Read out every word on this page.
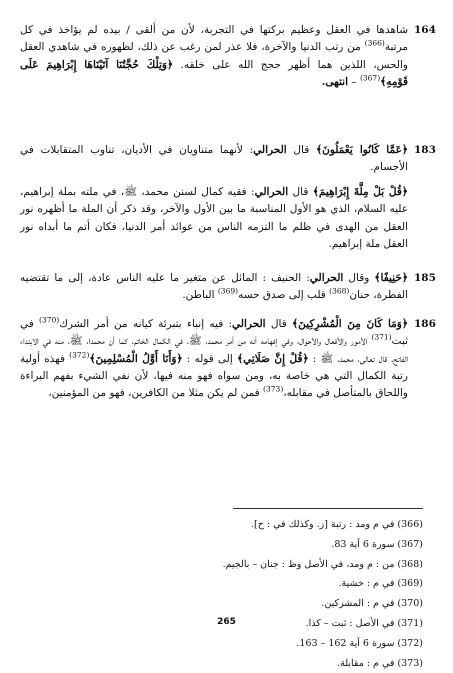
164
شاهدها في العقل وعظيم بركتها في التجربة، لأن من ألقى / بيده لم يؤاخذ في كل مرتبة$^{(366)}$ من رتب الدنيا والآخرة، فلا عذر لمن رغب عن ذلك، لظهوره في شاهدي العقل والحس، اللذين هما أظهر حجج الله على خلقه. ﴿وَتِلْكَ حُجَّتُنَا آتَيْنَاهَا إِبْرَاهِيمَ عَلَى قَوْمِهِ﴾$^{(367)}$ – انتهى.
183
﴿عَمَّا كَانُوا يَعْمَلُونَ﴾ قال الحرالي: لأنهما متناويان في الأديان، تناوب المتقابلات في الأجسام.
﴿قُلْ بَلْ مِلَّةَ إِبْرَاهِيمَ﴾ قال الحرالي: فقيه كمال لسنن محمد، ﷺ، في ملته بملة إبراهيم، عليه السلام، الذي هو الأول المناسبة ما بين الأول والآخر، وقد ذكر أن الملة ما أظهره نور العقل من الهدى في ظلم ما التزمه الناس من عوائد أمر الدنيا، فكان أتم ما أبداه نور العقل ملة إبراهيم.
185
﴿حَنِيفًا﴾ وقال الحرالي: الحنيف : المائل عن متغير ما عليه الناس عادة، إلى ما تقتضيه الفطرة، حنان$^{(368)}$ قلب إلى صدق حسه$^{(369)}$ الباطن.
186
﴿وَمَا كَانَ مِنَ الْمُشْرِكِينَ﴾ قال الحرالي: فيه إنباء بتبرئة كيانه من أمر الشرك$^{(370)}$ في ثبت$^{(371)}$ الأمور والأفعال والأحوال، وفي إفهامه أنه من أمر محمد، ﷺ، في الكمال الخاتم، كما أن محمدا، ﷺ، منه في الابتداء الفاتح، قال تعالى، محمد، ﷺ : ﴿قُلْ إِنَّ صَلَاتِي﴾ إلى قوله : ﴿وَأَنَا أَوَّلُ الْمُسْلِمِينَ﴾$^{(372)}$ فهذه أولية رتبة الكمال التي هي خاصة به، ومن سواه فهو منه فيها، لأن نفي الشيء بفهم البراءة واللحاق بالمتأصل في مقابله،$^{(373)}$ فمن لم يكن مثلا من الكافرين، فهو من المؤمنين،
(366) في م ومد : رتبة [ز. وكذلك في : ح].
(367) سورة 6 آية 83.
(368) من : م ومد، في الأصل وظ : جنان – بالجيم.
(369) في م : خشية.
(370) في م : المشركين.
(371) في الأصل : ثبت – كذا.
(372) سورة 6 آية 162 – 163.
(373) في م : مقابلة.
265
